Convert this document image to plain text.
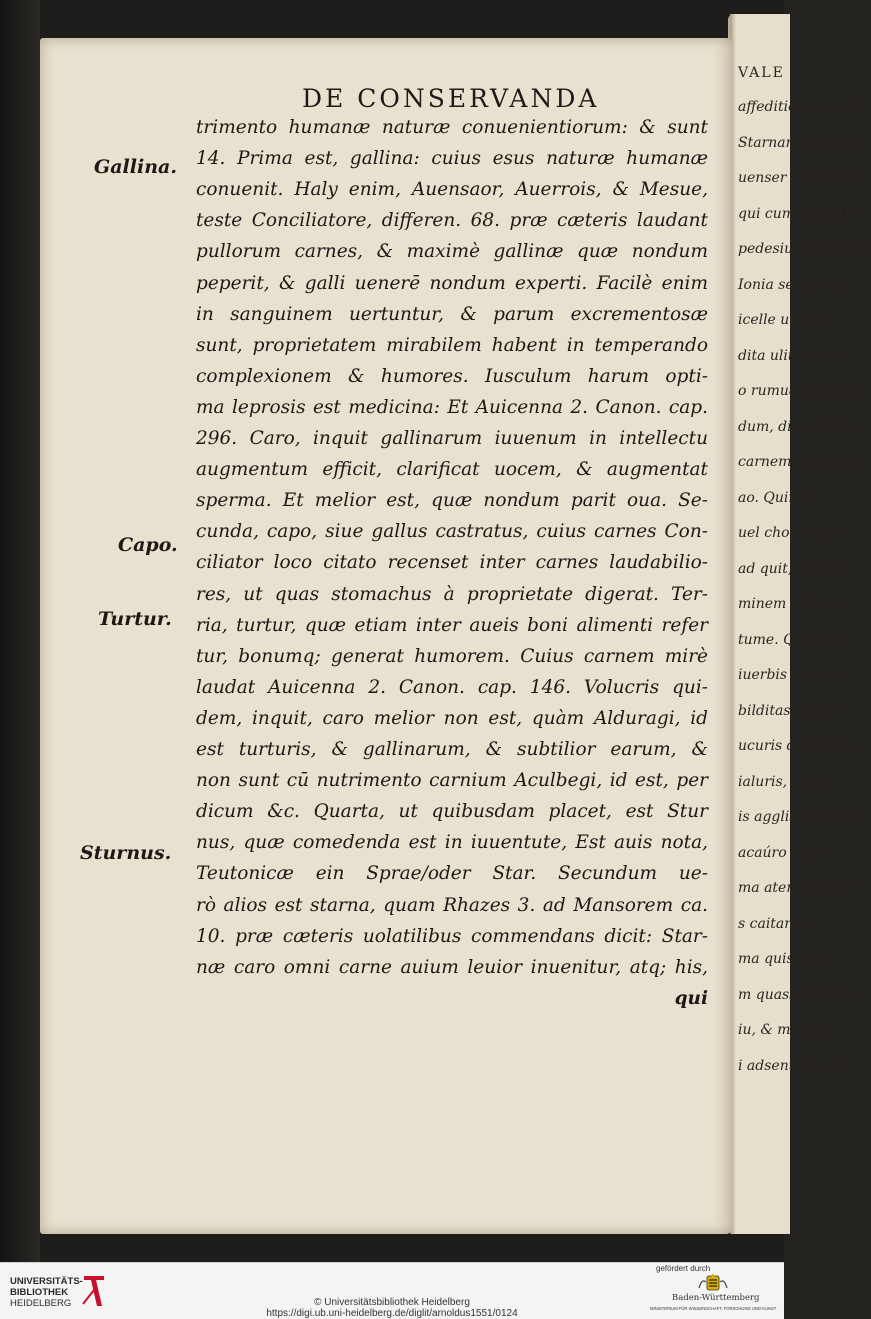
VALE
affeditiolame cust
Starnarum quoq:
uenser cinerei co
qui cum uiuentis
pedesius hanc diss
Ionia seu forma
icelle uidetur,
dita uliter Sta
o rumua uenerem
dum, diperdicili
carnem constring
ao. Quinta,
uel cholerica, h
ad quit, uehem
minem inflamm
tume. Quare q
iuerbis quàm q
bilditas. Elesti
ucuris digestion
ialuris, calidi
is agglis generant
acaúro colum
ma atem & sicci
s caitande.
ma quisculsf
m quassubstanti
iu, & multum
i adsentibus. S
DE CONSERVANDA
trimento humanæ naturæ conuenientiorum: & sunt
14. Prima est, gallina: cuius esus naturæ humanæ
conuenit. Haly enim, Auensaor, Auerrois, & Mesue,
teste Conciliatore, differen. 68. præ cæteris laudant
pullorum carnes, & maximè gallinæ quæ nondum
peperit, & galli uenerē nondum experti. Facilè enim
in sanguinem uertuntur, & parum excrementosæ
sunt, proprietatem mirabilem habent in temperando
complexionem & humores. Iusculum harum opti-
ma leprosis est medicina: Et Auicenna 2. Canon. cap.
296. Caro, inquit gallinarum iuuenum in intellectu
augmentum efficit, clarificat uocem, & augmentat
sperma. Et melior est, quæ nondum parit oua. Se-
cunda, capo, siue gallus castratus, cuius carnes Con-
ciliator loco citato recenset inter carnes laudabilio-
res, ut quas stomachus à proprietate digerat. Ter-
ria, turtur, quæ etiam inter aueis boni alimenti refer
tur, bonumq; generat humorem. Cuius carnem mirè
laudat Auicenna 2. Canon. cap. 146. Volucris qui-
dem, inquit, caro melior non est, quàm Alduragi, id
est turturis, & gallinarum, & subtilior earum, &
non sunt cū nutrimento carnium Aculbegi, id est, per
dicum &c. Quarta, ut quibusdam placet, est Stur
nus, quæ comedenda est in iuuentute, Est auis nota,
Teutonicæ ein Sprae/oder Star. Secundum ue-
rò alios est starna, quam Rhazes 3. ad Mansorem ca.
10. præ cæteris uolatilibus commendans dicit: Star-
næ caro omni carne auium leuior inuenitur, atq; his,
qui
Gallina.
Capo.
Turtur.
Sturnus.
UNIVERSITÄTS-
BIBLIOTHEK
HEIDELBERG	© Universitätsbibliothek Heidelberg
https://digi.ub.uni-heidelberg.de/diglit/arnoldus1551/0124
gefördert durch
Baden-Württemberg
MINISTERIUM FÜR WISSENSCHAFT, FORSCHUNG UND KUNST
